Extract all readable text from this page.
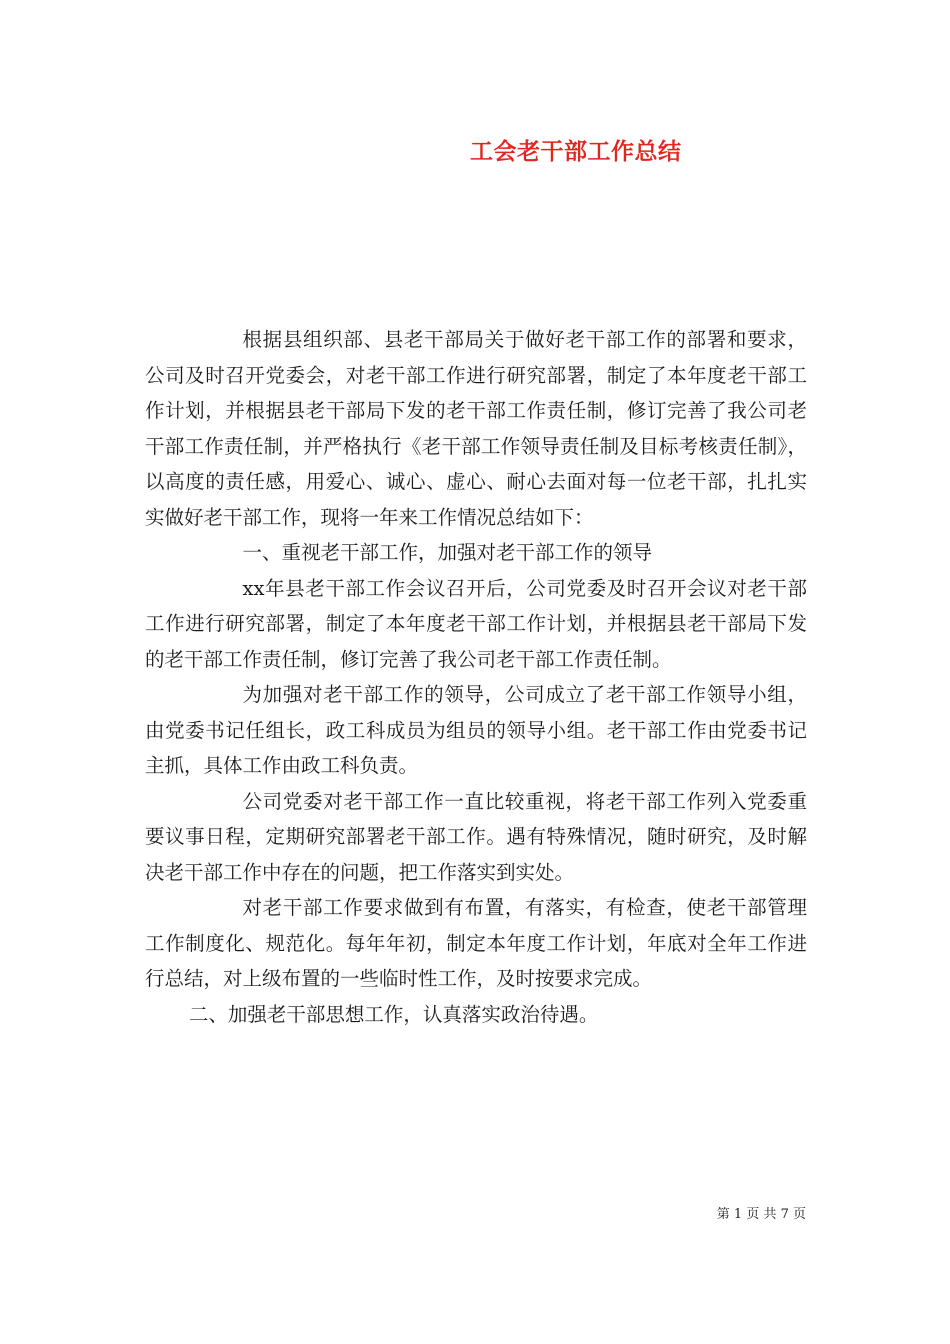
工会老干部工作总结

根据县组织部、县老干部局关于做好老干部工作的部署和要求，公司及时召开党委会，对老干部工作进行研究部署，制定了本年度老干部工作计划，并根据县老干部局下发的老干部工作责任制，修订完善了我公司老干部工作责任制，并严格执行《老干部工作领导责任制及目标考核责任制》，以高度的责任感，用爱心、诚心、虚心、耐心去面对每一位老干部，扎扎实实做好老干部工作，现将一年来工作情况总结如下：

一、重视老干部工作，加强对老干部工作的领导

xx年县老干部工作会议召开后，公司党委及时召开会议对老干部工作进行研究部署，制定了本年度老干部工作计划，并根据县老干部局下发的老干部工作责任制，修订完善了我公司老干部工作责任制。

为加强对老干部工作的领导，公司成立了老干部工作领导小组，由党委书记任组长，政工科成员为组员的领导小组。老干部工作由党委书记主抓，具体工作由政工科负责。

公司党委对老干部工作一直比较重视，将老干部工作列入党委重要议事日程，定期研究部署老干部工作。遇有特殊情况，随时研究，及时解决老干部工作中存在的问题，把工作落实到实处。

对老干部工作要求做到有布置，有落实，有检查，使老干部管理工作制度化、规范化。每年年初，制定本年度工作计划，年底对全年工作进行总结，对上级布置的一些临时性工作，及时按要求完成。

二、加强老干部思想工作，认真落实政治待遇。

第 1 页 共 7 页
